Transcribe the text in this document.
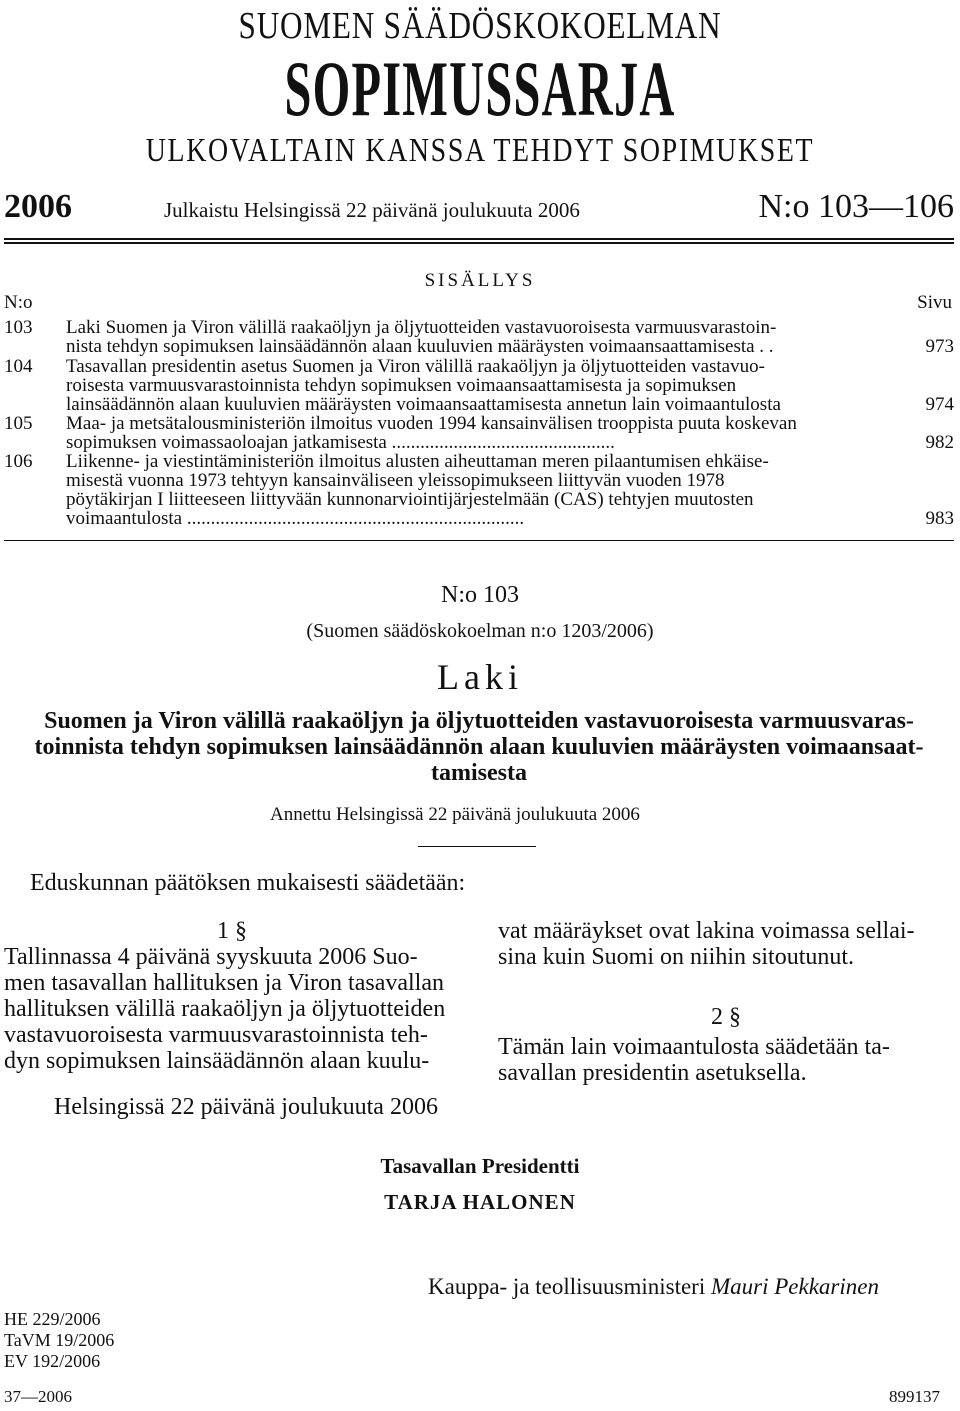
SUOMEN SÄÄDÖSKOKOELMAN
SOPIMUSSARJA
ULKOVALTAIN KANSSA TEHDYT SOPIMUKSET
2006	Julkaistu Helsingissä 22 päivänä joulukuuta 2006	N:o 103—106
SISÄLLYS
N:o	Sivu
103 Laki Suomen ja Viron välillä raakaöljyn ja öljytuotteiden vastavuoroisesta varmuusvarastoin-
nista tehdyn sopimuksen lainsäädännön alaan kuuluvien määräysten voimaansaattamisesta . .	973
104 Tasavallan presidentin asetus Suomen ja Viron välillä raakaöljyn ja öljytuotteiden vastavuo-
roisesta varmuusvarastoinnista tehdyn sopimuksen voimaansaattamisesta ja sopimuksen
lainsäädännön alaan kuuluvien määräysten voimaansaattamisesta annetun lain voimaantulosta	974
105 Maa- ja metsätalousministeriön ilmoitus vuoden 1994 kansainvälisen trooppista puuta koskevan
sopimuksen voimassaoloajan jatkamisesta ...............................................	982
106 Liikenne- ja viestintäministeriön ilmoitus alusten aiheuttaman meren pilaantumisen ehkäise-
misestä vuonna 1973 tehtyyn kansainväliseen yleissopimukseen liittyvän vuoden 1978
pöytäkirjan I liitteeseen liittyvään kunnonarviointijärjestelmään (CAS) tehtyjen muutosten
voimaantulosta .......................................................................	983
N:o 103
(Suomen säädöskokoelman n:o 1203/2006)
Laki
Suomen ja Viron välillä raakaöljyn ja öljytuotteiden vastavuoroisesta varmuusvaras-
toinnista tehdyn sopimuksen lainsäädännön alaan kuuluvien määräysten voimaansaat-
tamisesta
Annettu Helsingissä 22 päivänä joulukuuta 2006
Eduskunnan päätöksen mukaisesti säädetään:
1 §
Tallinnassa 4 päivänä syyskuuta 2006 Suo-
men tasavallan hallituksen ja Viron tasavallan
hallituksen välillä raakaöljyn ja öljytuotteiden
vastavuoroisesta varmuusvarastoinnista teh-
dyn sopimuksen lainsäädännön alaan kuulu-
vat määräykset ovat lakina voimassa sellai-
sina kuin Suomi on niihin sitoutunut.
2 §
Tämän lain voimaantulosta säädetään ta-
savallan presidentin asetuksella.
Helsingissä 22 päivänä joulukuuta 2006
Tasavallan Presidentti
TARJA HALONEN
Kauppa- ja teollisuusministeri Mauri Pekkarinen
HE 229/2006
TaVM 19/2006
EV 192/2006
37—2006	899137
